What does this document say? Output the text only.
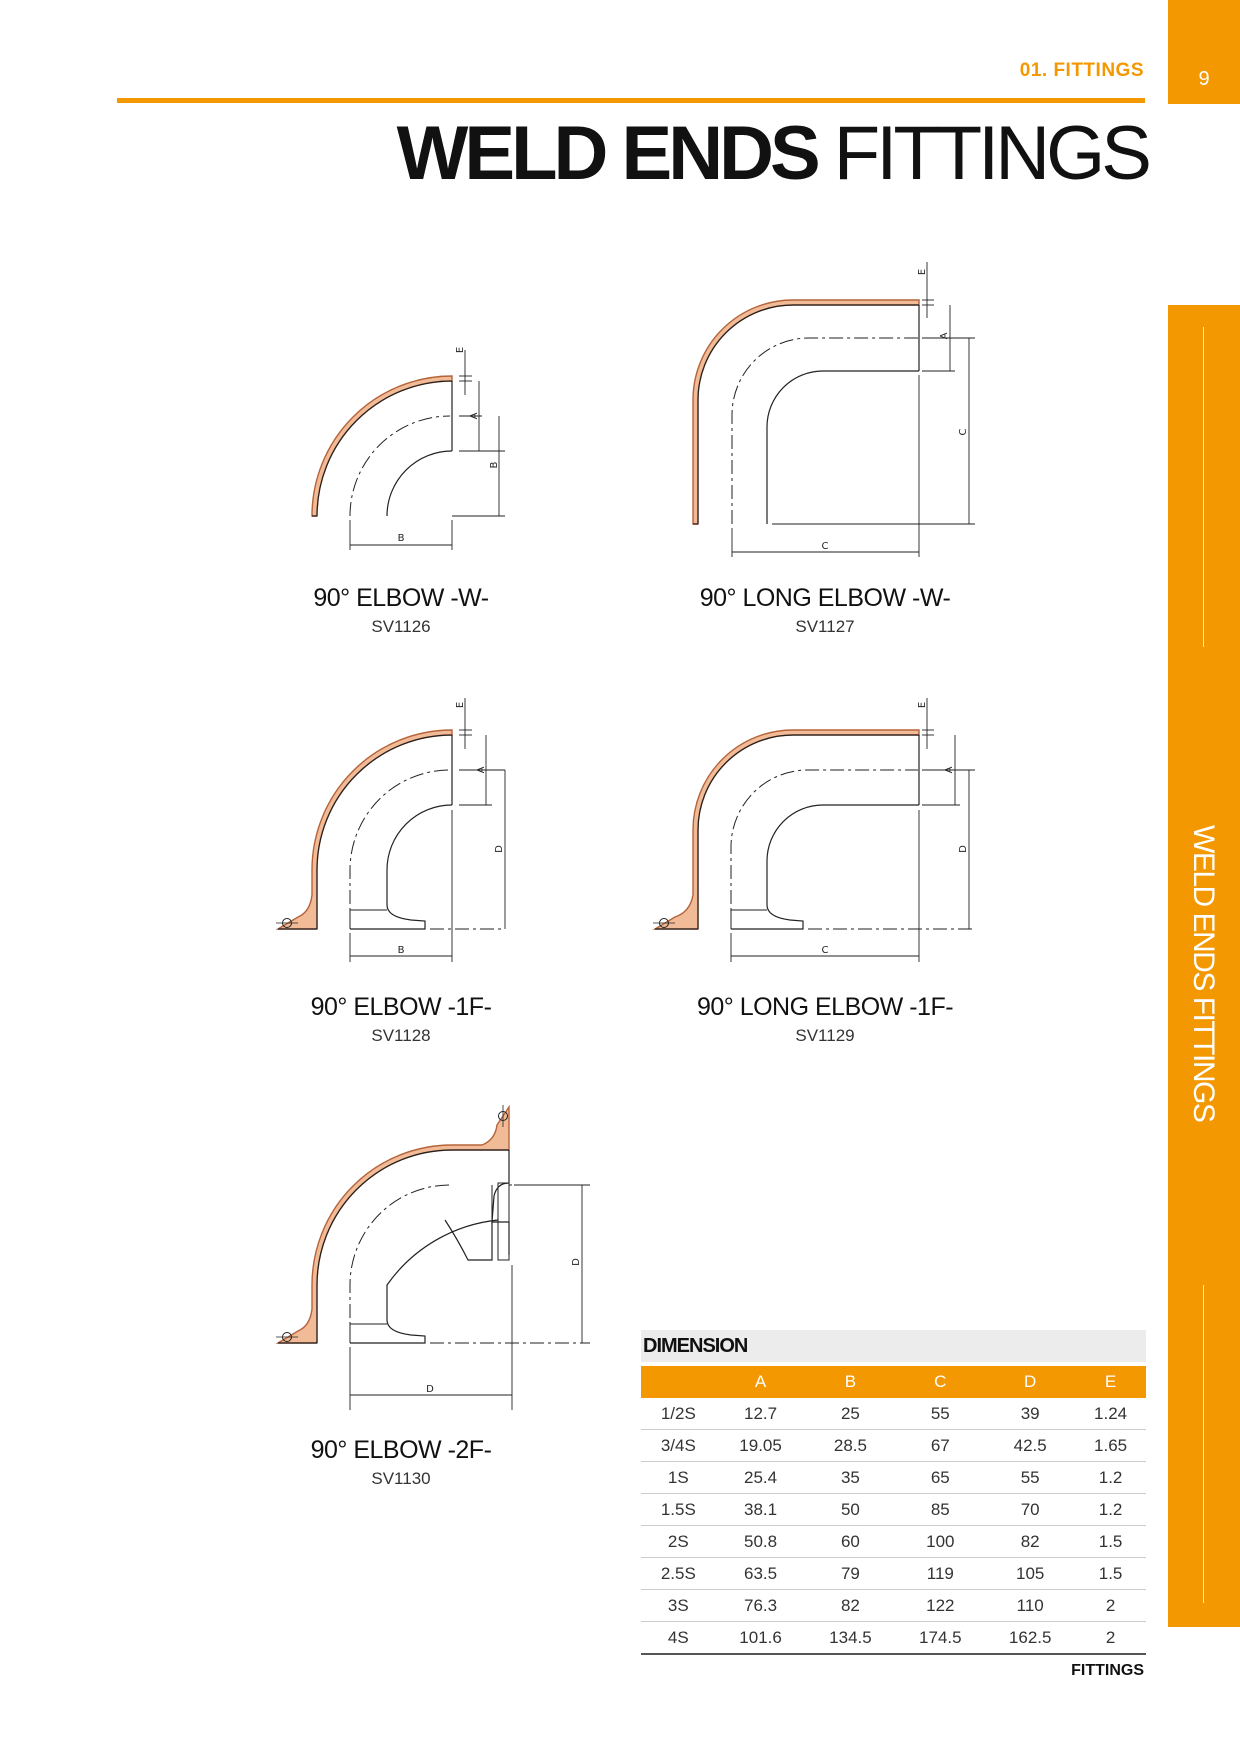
9
01. FITTINGS
WELD ENDS FITTINGS
WELD ENDS FITTINGS
E
A
B
B
90° ELBOW -W-
SV1126
E
A
C
C
90° LONG ELBOW -W-
SV1127
E
A
D
B
90° ELBOW -1F-
SV1128
E
A
D
C
90° LONG ELBOW -1F-
SV1129
D
D
90° ELBOW -2F-
SV1130
DIMENSION
	A	B	C	D	E
1/2S	12.7	25	55	39	1.24
3/4S	19.05	28.5	67	42.5	1.65
1S	25.4	35	65	55	1.2
1.5S	38.1	50	85	70	1.2
2S	50.8	60	100	82	1.5
2.5S	63.5	79	119	105	1.5
3S	76.3	82	122	110	2
4S	101.6	134.5	174.5	162.5	2
FITTINGS
